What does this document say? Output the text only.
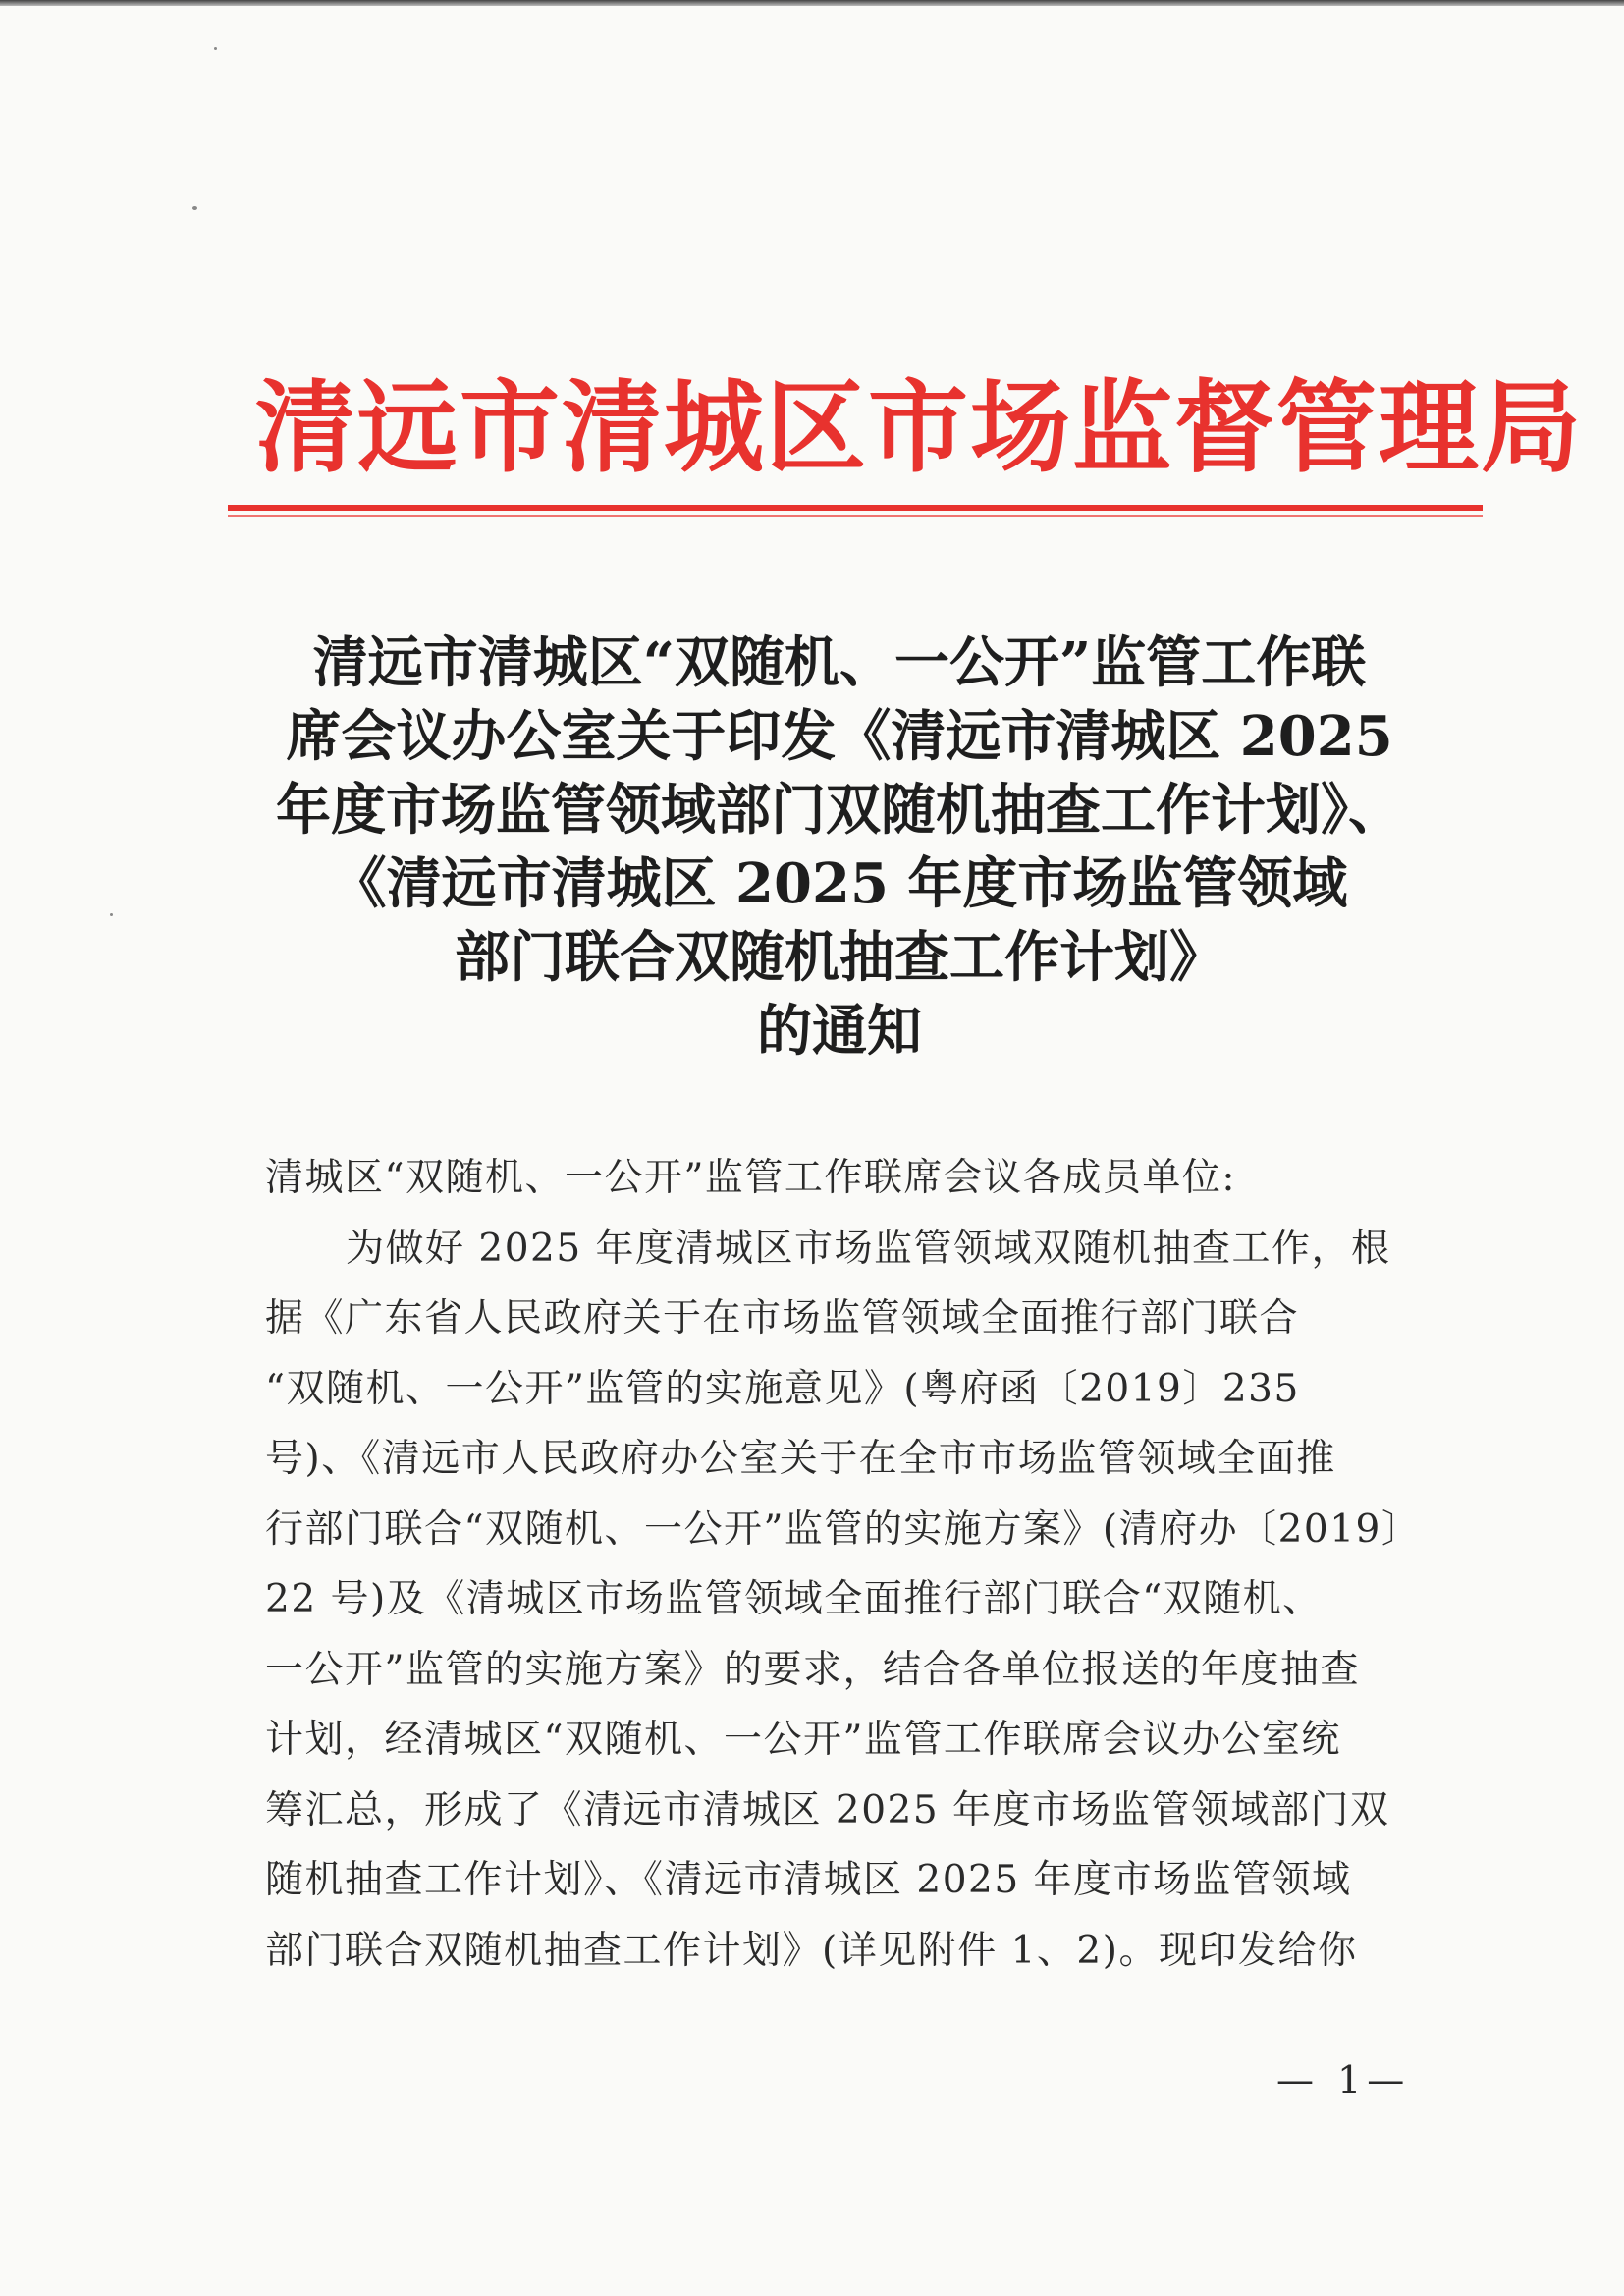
清远市清城区市场监督管理局
清远市清城区“双随机、一公开”监管工作联
席会议办公室关于印发《清远市清城区 2025
年度市场监管领域部门双随机抽查工作计划》、
《清远市清城区 2025 年度市场监管领域
部门联合双随机抽查工作计划》
的通知
清城区“双随机、一公开”监管工作联席会议各成员单位:
为做好 2025 年度清城区市场监管领域双随机抽查工作，根
据《广东省人民政府关于在市场监管领域全面推行部门联合
“双随机、一公开”监管的实施意见》(粤府函〔2019〕235
号)、《清远市人民政府办公室关于在全市市场监管领域全面推
行部门联合“双随机、一公开”监管的实施方案》(清府办〔2019〕
22 号)及《清城区市场监管领域全面推行部门联合“双随机、
一公开”监管的实施方案》的要求，结合各单位报送的年度抽查
计划，经清城区“双随机、一公开”监管工作联席会议办公室统
筹汇总，形成了《清远市清城区 2025 年度市场监管领域部门双
随机抽查工作计划》、《清远市清城区 2025 年度市场监管领域
部门联合双随机抽查工作计划》(详见附件 1、2)。现印发给你
— 1—
